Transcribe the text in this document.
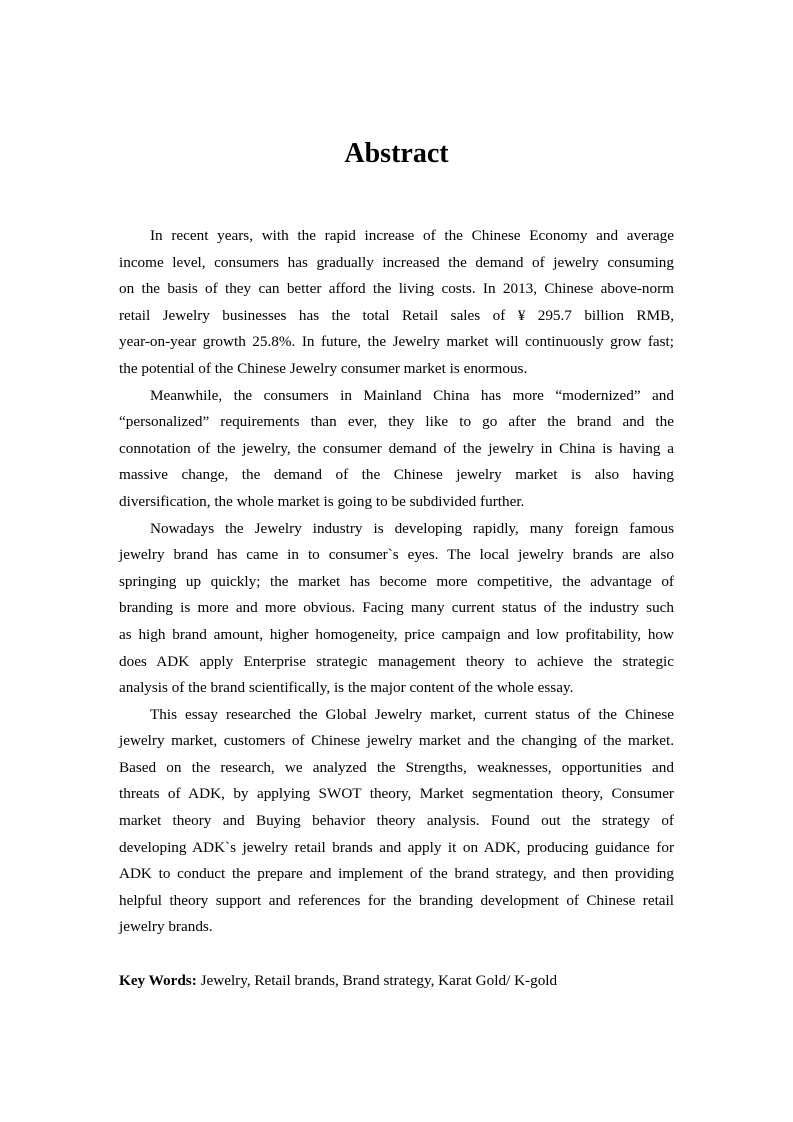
Abstract
In recent years, with the rapid increase of the Chinese Economy and average
income level, consumers has gradually increased the demand of jewelry consuming
on the basis of they can better afford the living costs. In 2013, Chinese above-norm
retail Jewelry businesses has the total Retail sales of ¥ 295.7 billion RMB,
year-on-year growth 25.8%. In future, the Jewelry market will continuously grow fast;
the potential of the Chinese Jewelry consumer market is enormous.
Meanwhile, the consumers in Mainland China has more “modernized” and
“personalized” requirements than ever, they like to go after the brand and the
connotation of the jewelry, the consumer demand of the jewelry in China is having a
massive change, the demand of the Chinese jewelry market is also having
diversification, the whole market is going to be subdivided further.
Nowadays the Jewelry industry is developing rapidly, many foreign famous
jewelry brand has came in to consumer`s eyes. The local jewelry brands are also
springing up quickly; the market has become more competitive, the advantage of
branding is more and more obvious. Facing many current status of the industry such
as high brand amount, higher homogeneity, price campaign and low profitability, how
does ADK apply Enterprise strategic management theory to achieve the strategic
analysis of the brand scientifically, is the major content of the whole essay.
This essay researched the Global Jewelry market, current status of the Chinese
jewelry market, customers of Chinese jewelry market and the changing of the market.
Based on the research, we analyzed the Strengths, weaknesses, opportunities and
threats of ADK, by applying SWOT theory, Market segmentation theory, Consumer
market theory and Buying behavior theory analysis. Found out the strategy of
developing ADK`s jewelry retail brands and apply it on ADK, producing guidance for
ADK to conduct the prepare and implement of the brand strategy, and then providing
helpful theory support and references for the branding development of Chinese retail
jewelry brands.
Key Words: Jewelry, Retail brands, Brand strategy, Karat Gold/ K-gold
